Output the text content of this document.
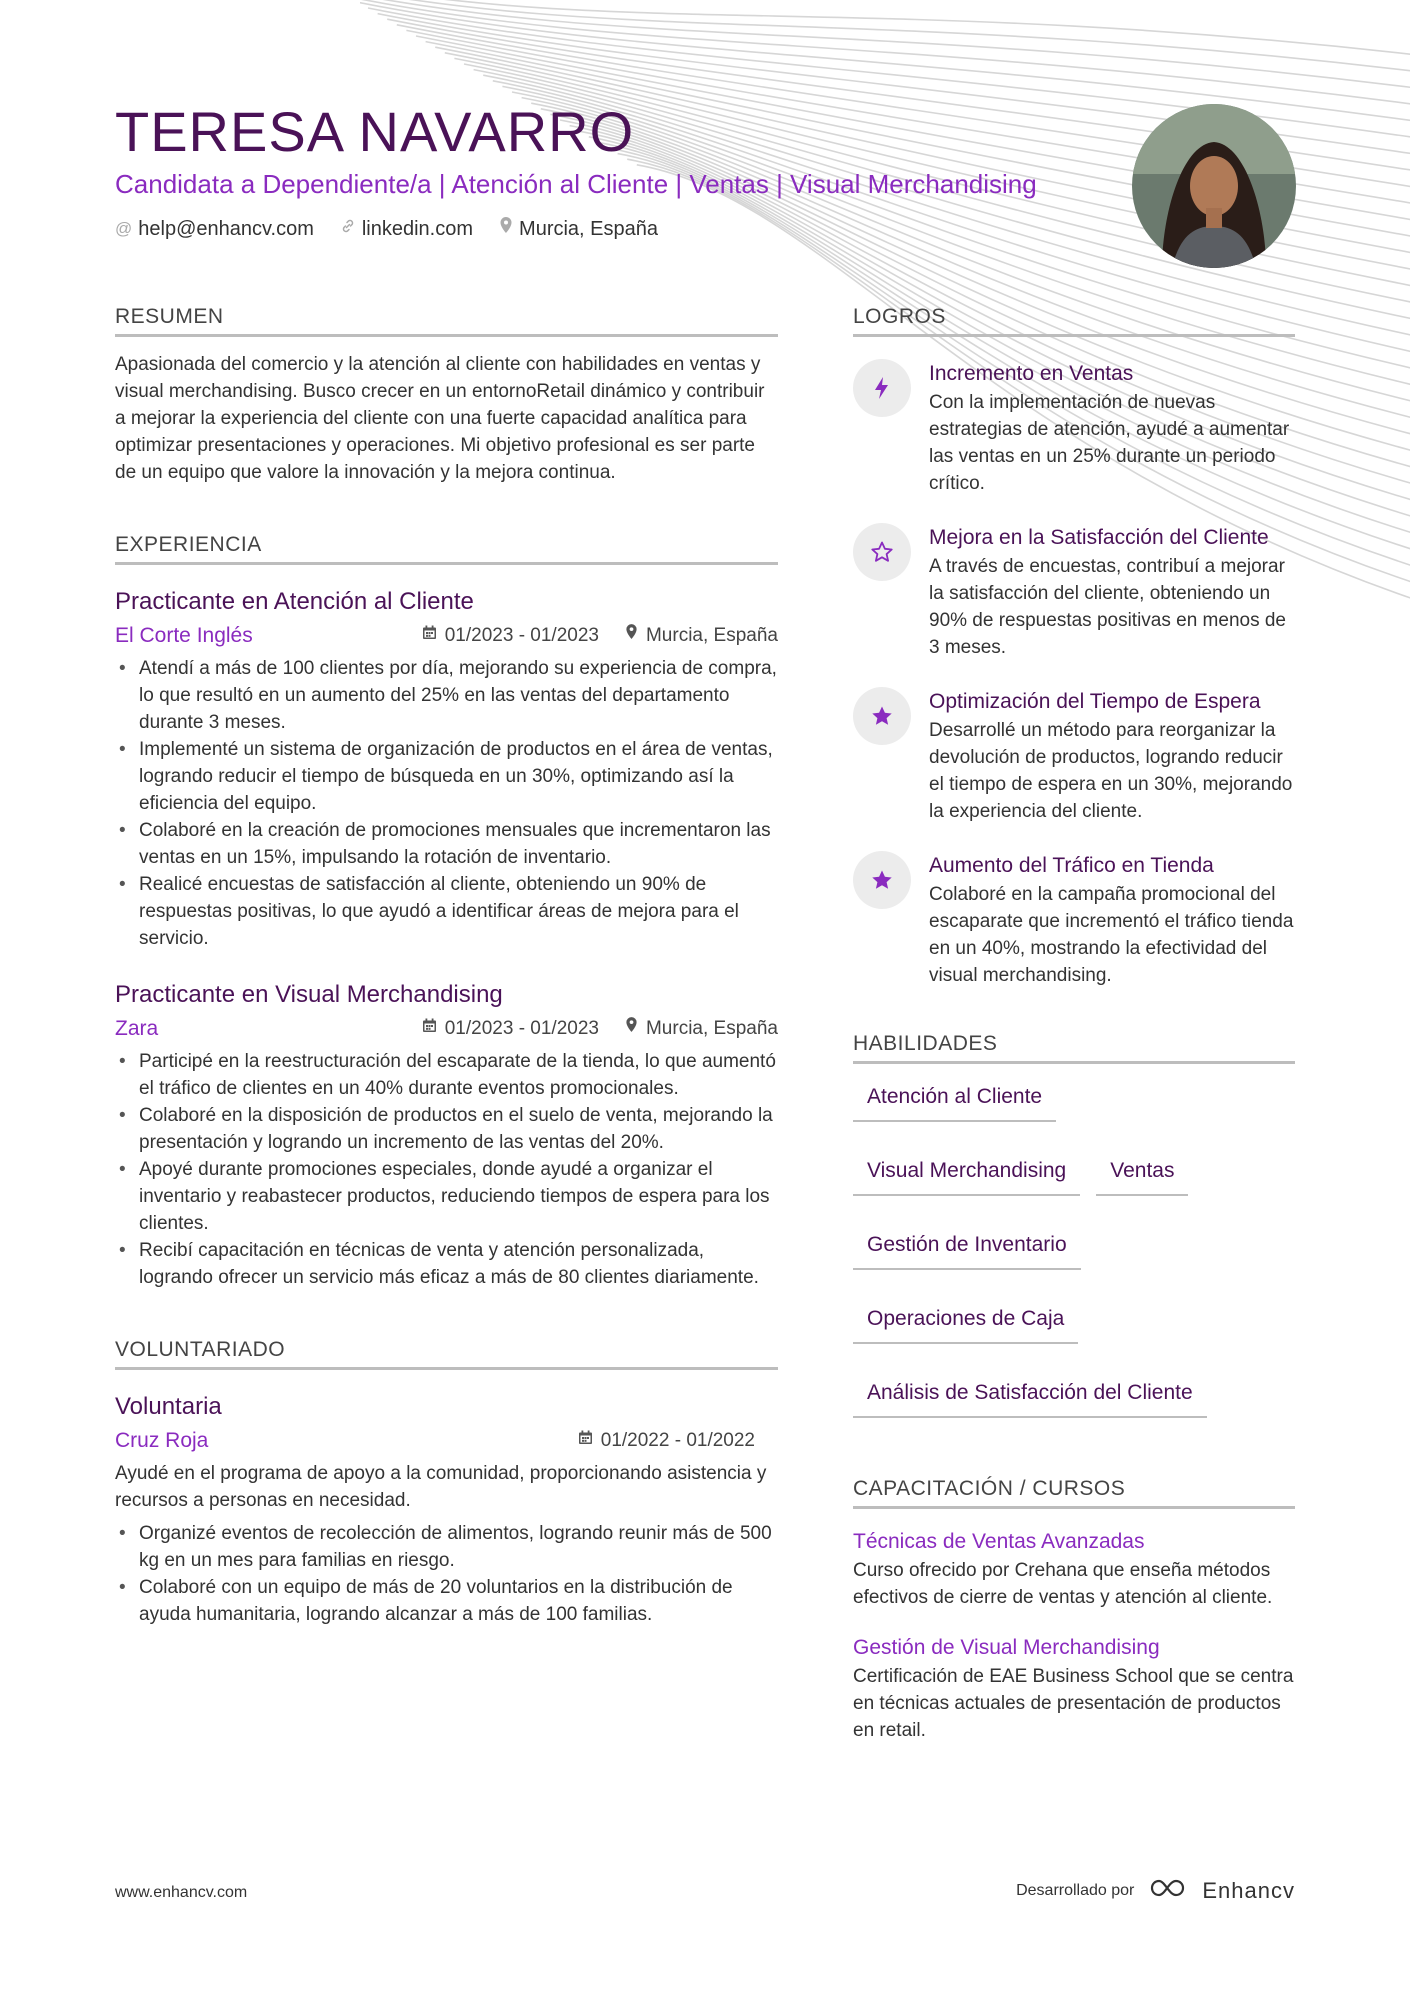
TERESA NAVARRO
Candidata a Dependiente/a | Atención al Cliente | Ventas | Visual Merchandising
@ help@enhancv.com linkedin.com Murcia, España
RESUMEN

Apasionada del comercio y la atención al cliente con habilidades en ventas y visual merchandising. Busco crecer en un entornoRetail dinámico y contribuir a mejorar la experiencia del cliente con una fuerte capacidad analítica para optimizar presentaciones y operaciones. Mi objetivo profesional es ser parte de un equipo que valore la innovación y la mejora continua.

EXPERIENCIA
Practicante en Atención al Cliente
El Corte Inglés	01/2023 - 01/2023 Murcia, España
• Atendí a más de 100 clientes por día, mejorando su experiencia de compra, lo que resultó en un aumento del 25% en las ventas del departamento durante 3 meses.
• Implementé un sistema de organización de productos en el área de ventas, logrando reducir el tiempo de búsqueda en un 30%, optimizando así la eficiencia del equipo.
• Colaboré en la creación de promociones mensuales que incrementaron las ventas en un 15%, impulsando la rotación de inventario.
• Realicé encuestas de satisfacción al cliente, obteniendo un 90% de respuestas positivas, lo que ayudó a identificar áreas de mejora para el servicio.
Practicante en Visual Merchandising
Zara	01/2023 - 01/2023 Murcia, España
• Participé en la reestructuración del escaparate de la tienda, lo que aumentó el tráfico de clientes en un 40% durante eventos promocionales.
• Colaboré en la disposición de productos en el suelo de venta, mejorando la presentación y logrando un incremento de las ventas del 20%.
• Apoyé durante promociones especiales, donde ayudé a organizar el inventario y reabastecer productos, reduciendo tiempos de espera para los clientes.
• Recibí capacitación en técnicas de venta y atención personalizada, logrando ofrecer un servicio más eficaz a más de 80 clientes diariamente.
VOLUNTARIADO
Voluntaria
Cruz Roja	01/2022 - 01/2022

Ayudé en el programa de apoyo a la comunidad, proporcionando asistencia y recursos a personas en necesidad.

• Organizé eventos de recolección de alimentos, logrando reunir más de 500 kg en un mes para familias en riesgo.
• Colaboré con un equipo de más de 20 voluntarios en la distribución de ayuda humanitaria, logrando alcanzar a más de 100 familias.
LOGROS
Incremento en Ventas
Con la implementación de nuevas estrategias de atención, ayudé a aumentar las ventas en un 25% durante un periodo crítico.
Mejora en la Satisfacción del Cliente
A través de encuestas, contribuí a mejorar la satisfacción del cliente, obteniendo un 90% de respuestas positivas en menos de 3 meses.
Optimización del Tiempo de Espera
Desarrollé un método para reorganizar la devolución de productos, logrando reducir el tiempo de espera en un 30%, mejorando la experiencia del cliente.
Aumento del Tráfico en Tienda
Colaboré en la campaña promocional del escaparate que incrementó el tráfico tienda en un 40%, mostrando la efectividad del visual merchandising.
HABILIDADES
Atención al Cliente
Visual Merchandising	Ventas
Gestión de Inventario
Operaciones de Caja
Análisis de Satisfacción del Cliente
CAPACITACIÓN / CURSOS
Técnicas de Ventas Avanzadas
Curso ofrecido por Crehana que enseña métodos efectivos de cierre de ventas y atención al cliente.
Gestión de Visual Merchandising
Certificación de EAE Business School que se centra en técnicas actuales de presentación de productos en retail.
www.enhancv.com	Desarrollado por	Enhancv
